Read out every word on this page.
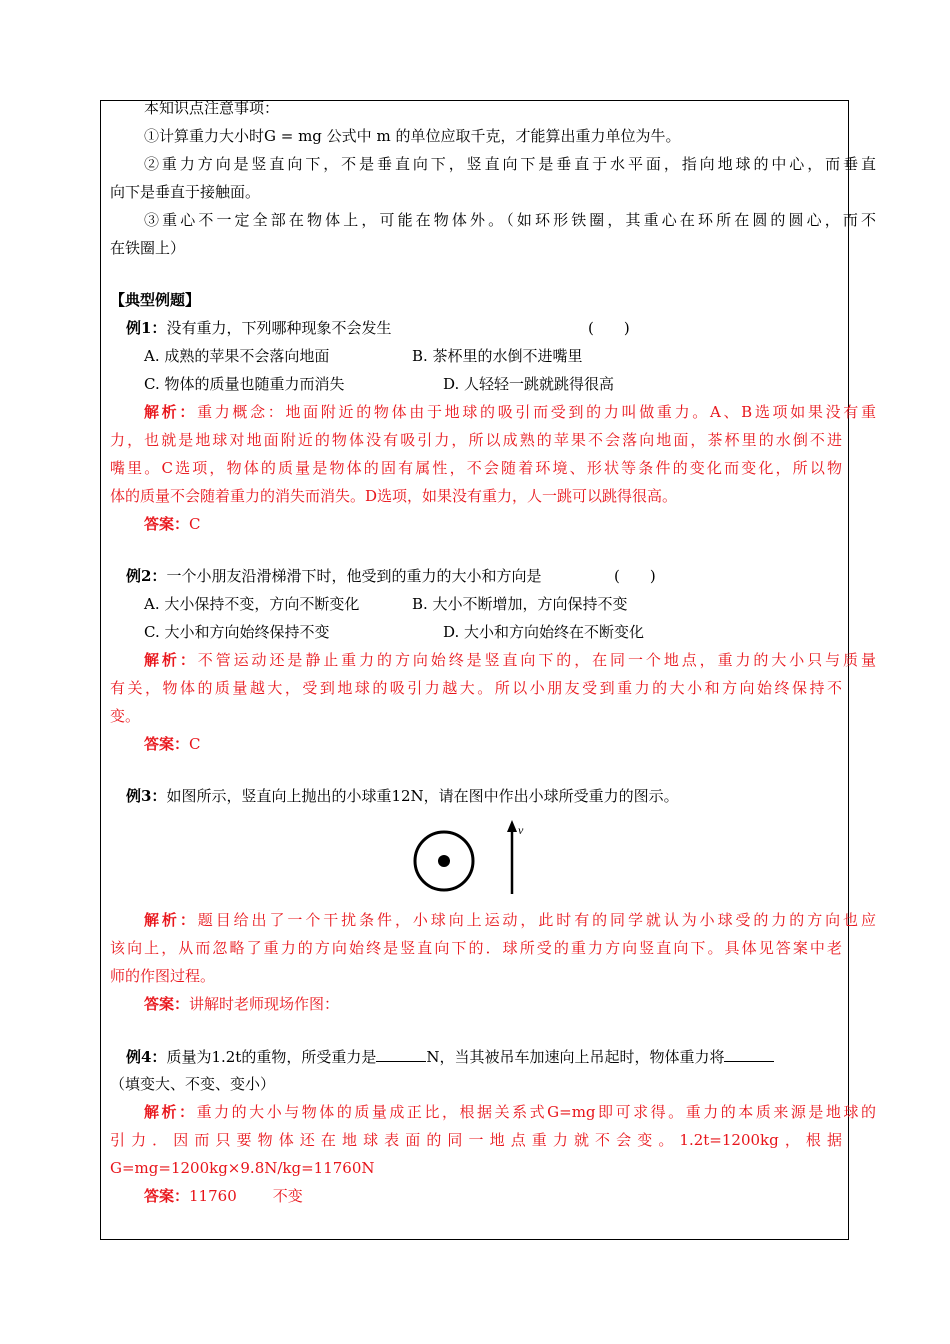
本知识点注意事项：
①计算重力大小时G = mg 公式中 m 的单位应取千克，才能算出重力单位为牛。
②重力方向是竖直向下，不是垂直向下，竖直向下是垂直于水平面，指向地球的中心，而垂直
向下是垂直于接触面。
③重心不一定全部在物体上，可能在物体外。（如环形铁圈，其重心在环所在圆的圆心，而不
在铁圈上）
【典型例题】
例1：没有重力，下列哪种现象不会发生	(　　)
A. 成熟的苹果不会落向地面	B. 茶杯里的水倒不进嘴里
C. 物体的质量也随重力而消失	D. 人轻轻一跳就跳得很高
解析：重力概念：地面附近的物体由于地球的吸引而受到的力叫做重力。A、B选项如果没有重
力，也就是地球对地面附近的物体没有吸引力，所以成熟的苹果不会落向地面，茶杯里的水倒不进
嘴里。C选项，物体的质量是物体的固有属性，不会随着环境、形状等条件的变化而变化，所以物
体的质量不会随着重力的消失而消失。D选项，如果没有重力，人一跳可以跳得很高。
答案：C
例2：一个小朋友沿滑梯滑下时，他受到的重力的大小和方向是	(　　)
A. 大小保持不变，方向不断变化	B. 大小不断增加，方向保持不变
C. 大小和方向始终保持不变	D. 大小和方向始终在不断变化
解析：不管运动还是静止重力的方向始终是竖直向下的，在同一个地点，重力的大小只与质量
有关，物体的质量越大，受到地球的吸引力越大。所以小朋友受到重力的大小和方向始终保持不
变。
答案：C
例3：如图所示，竖直向上抛出的小球重12N，请在图中作出小球所受重力的图示。
v
解析：题目给出了一个干扰条件，小球向上运动，此时有的同学就认为小球受的力的方向也应
该向上，从而忽略了重力的方向始终是竖直向下的．球所受的重力方向竖直向下。具体见答案中老
师的作图过程。
答案：讲解时老师现场作图：
例4：质量为1.2t的重物，所受重力是	N，当其被吊车加速向上吊起时，物体重力将
（填变大、不变、变小）
解析：重力的大小与物体的质量成正比，根据关系式G=mg即可求得。重力的本质来源是地球的
引力．因而只要物体还在地球表面的同一地点重力就不会变。1.2t=1200kg，根据
G=mg=1200kg×9.8N/kg=11760N
答案：11760 不变
